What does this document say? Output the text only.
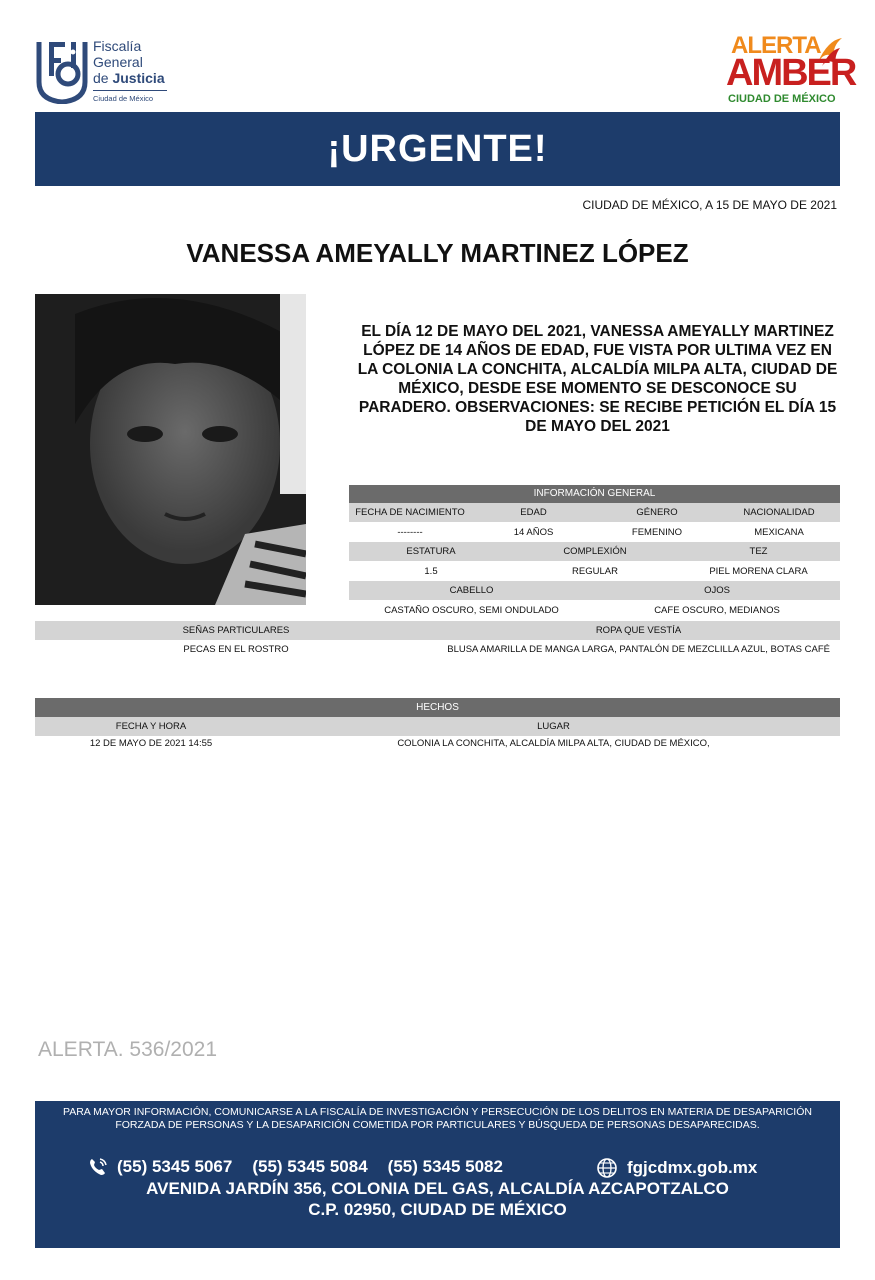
Fiscalía
General
de Justicia
Ciudad de México
ALERTA
AMBER
CIUDAD DE MÉXICO
¡URGENTE!
CIUDAD DE MÉXICO, A 15 DE MAYO DE 2021
VANESSA AMEYALLY MARTINEZ LÓPEZ
EL DÍA 12 DE MAYO DEL 2021, VANESSA AMEYALLY MARTINEZ LÓPEZ DE 14 AÑOS DE EDAD, FUE VISTA POR ULTIMA VEZ EN LA COLONIA LA CONCHITA, ALCALDÍA MILPA ALTA, CIUDAD DE MÉXICO, DESDE ESE MOMENTO SE DESCONOCE SU PARADERO. OBSERVACIONES: SE RECIBE PETICIÓN EL DÍA 15 DE MAYO DEL 2021
INFORMACIÓN GENERAL
FECHA DE NACIMIENTO	EDAD	GÉNERO	NACIONALIDAD
--------	14 AÑOS	FEMENINO	MEXICANA
ESTATURA	COMPLEXIÓN	TEZ
1.5	REGULAR	PIEL MORENA CLARA
CABELLO	OJOS
CASTAÑO OSCURO, SEMI ONDULADO	CAFE OSCURO, MEDIANOS
SEÑAS PARTICULARES	ROPA QUE VESTÍA
PECAS EN EL ROSTRO	BLUSA AMARILLA DE MANGA LARGA, PANTALÓN DE MEZCLILLA AZUL, BOTAS CAFÉ
HECHOS
FECHA Y HORA	LUGAR
12 DE MAYO DE 2021 14:55	COLONIA LA CONCHITA, ALCALDÍA MILPA ALTA, CIUDAD DE MÉXICO,
ALERTA. 536/2021
PARA MAYOR INFORMACIÓN, COMUNICARSE A LA FISCALÍA DE INVESTIGACIÓN Y PERSECUCIÓN DE LOS DELITOS EN MATERIA DE DESAPARICIÓN FORZADA DE PERSONAS Y LA DESAPARICIÓN COMETIDA POR PARTICULARES Y BÚSQUEDA DE PERSONAS DESAPARECIDAS.
(55) 5345 5067 (55) 5345 5084 (55) 5345 5082	fgjcdmx.gob.mx
AVENIDA JARDÍN 356, COLONIA DEL GAS, ALCALDÍA AZCAPOTZALCO
C.P. 02950, CIUDAD DE MÉXICO
